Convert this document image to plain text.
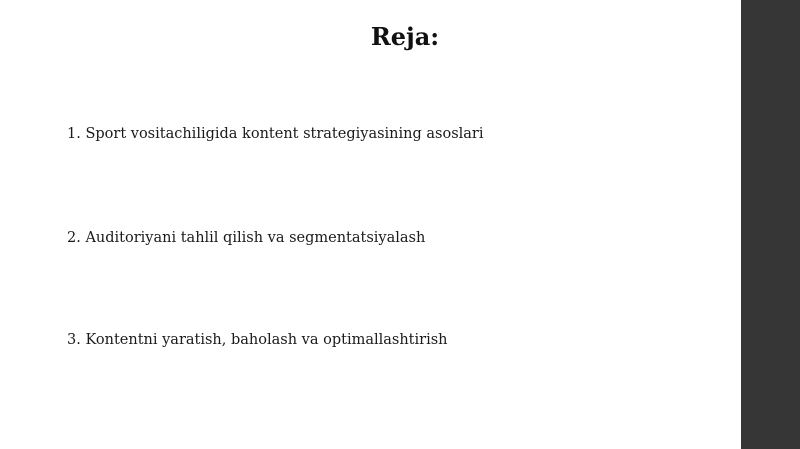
Reja:
1. Sport vositachiligida kontent strategiyasining asoslari
2. Auditoriyani tahlil qilish va segmentatsiyalash
3. Kontentni yaratish, baholash va optimallashtirish
